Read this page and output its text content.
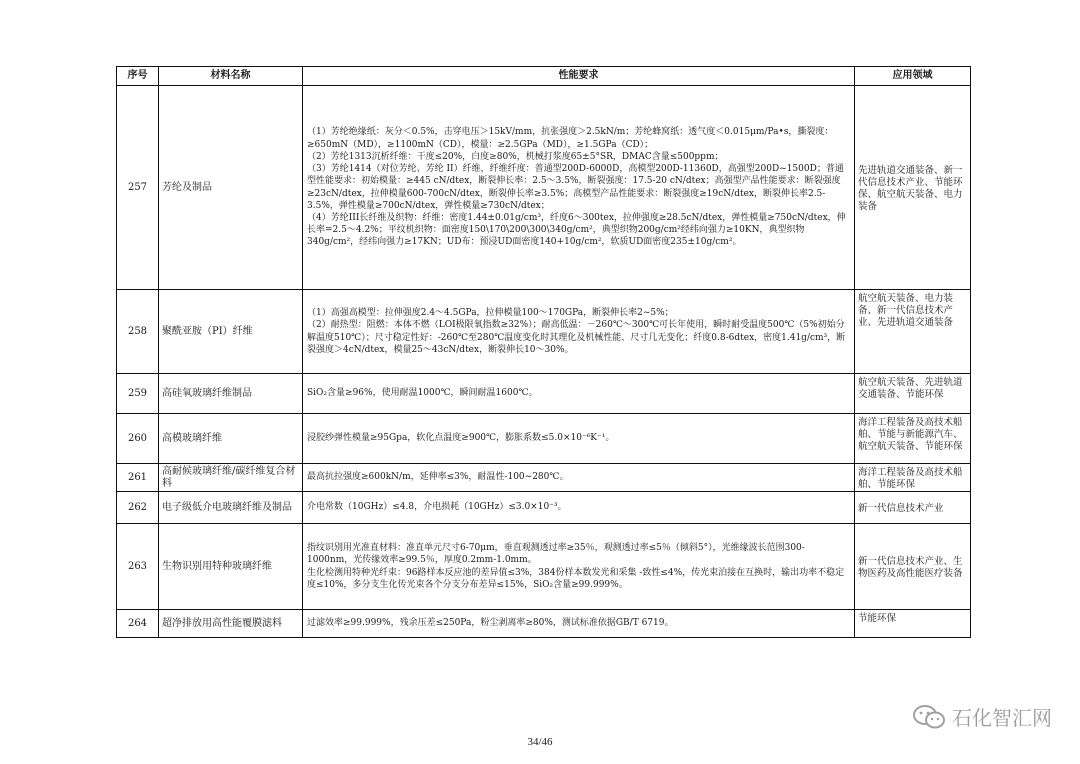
序号	材料名称	性能要求	应用领域
257	芳纶及制品	（1）芳纶绝缘纸：灰分＜0.5%，击穿电压＞15kV/mm，抗张强度＞2.5kN/m；芳纶蜂窝纸：透气度＜0.015μm/Pa•s，撕裂度：≥650mN（MD），≥1100mN（CD），模量：≥2.5GPa（MD），≥1.5GPa（CD）；
（2）芳纶1313沉析纤维：干度≤20%，白度≥80%，机械打浆度65±5°SR，DMAC含量≤500ppm；
（3）芳纶1414（对位芳纶、芳纶 II）纤维，纤维纤度：普通型200D-6000D，高模型200D-11360D，高强型200D~1500D；普通型性能要求：初始模量：≥445 cN/dtex，断裂伸长率：2.5～3.5%，断裂强度：17.5-20 cN/dtex；高强型产品性能要求：断裂强度≥23cN/dtex，拉伸模量600-700cN/dtex，断裂伸长率≥3.5%；高模型产品性能要求：断裂强度≥19cN/dtex，断裂伸长率2.5-3.5%，弹性模量≥700cN/dtex，弹性模量≥730cN/dtex；
（4）芳纶III长纤维及织物：纤维：密度1.44±0.01g/cm³，纤度6～300tex，拉伸强度≥28.5cN/dtex，弹性模量≥750cN/dtex，伸长率=2.5～4.2%；平纹机织物：面密度150\170\200\300\340g/cm²，典型织物200g/cm²经纬向强力≥10KN，典型织物340g/cm²，经纬向强力≥17KN；UD布：预浸UD面密度140+10g/cm²，软质UD面密度235±10g/cm²。	先进轨道交通装备、新一代信息技术产业、节能环保、航空航天装备、电力装备
258	聚酰亚胺（PI）纤维	（1）高强高模型：拉伸强度2.4～4.5GPa，拉伸模量100～170GPa，断裂伸长率2~5%；
（2）耐热型：阻燃：本体不燃（LOI极限氧指数≥32%）；耐高低温：－260℃～300℃可长年使用，瞬时耐受温度500℃（5%初始分解温度510℃）；尺寸稳定性好：-260℃至280℃温度变化时其理化及机械性能、尺寸几无变化；纤度0.8-6dtex，密度1.41g/cm³，断裂强度＞4cN/dtex，模量25～43cN/dtex，断裂伸长10～30%。	航空航天装备、电力装备、新一代信息技术产业、先进轨道交通装备
259	高硅氧玻璃纤维制品	SiO₂含量≥96%，使用耐温1000℃，瞬间耐温1600℃。	航空航天装备、先进轨道交通装备、节能环保
260	高模玻璃纤维	浸胶纱弹性模量≥95Gpa，软化点温度≥900℃，膨胀系数≤5.0×10⁻⁶K⁻¹。	海洋工程装备及高技术船舶、节能与新能源汽车、航空航天装备、节能环保
261	高耐候玻璃纤维/碳纤维复合材料	最高抗拉强度≥600kN/m，延伸率≤3%，耐温性-100~280℃。	海洋工程装备及高技术船舶、节能环保
262	电子级低介电玻璃纤维及制品	介电常数（10GHz）≤4.8，介电损耗（10GHz）≤3.0×10⁻³。	新一代信息技术产业
263	生物识别用特种玻璃纤维	指纹识别用光准直材料：准直单元尺寸6-70μm，垂直观测透过率≥35％，观测透过率≤5％（倾斜5°），光维缘波长范围300-1000nm，光传缘效率≥99.5％，厚度0.2mm-1.0mm。
生化检测用特种光纤束：96路样本反应池的差异值≤3%，384份样本数发光和采集 -致性≤4%，传光束泊接在互换时，输出功率不稳定度≤10%，多分支生化传光束各个分支分布差异≤15%，SiO₂含量≥99.999%。	新一代信息技术产业、生物医药及高性能医疗装备
264	超净排放用高性能覆膜滤料	过滤效率≥99.999%，残余压差≤250Pa，粉尘剥离率≥80%，测试标准依据GB/T 6719。	节能环保
石化智汇网
34/46
